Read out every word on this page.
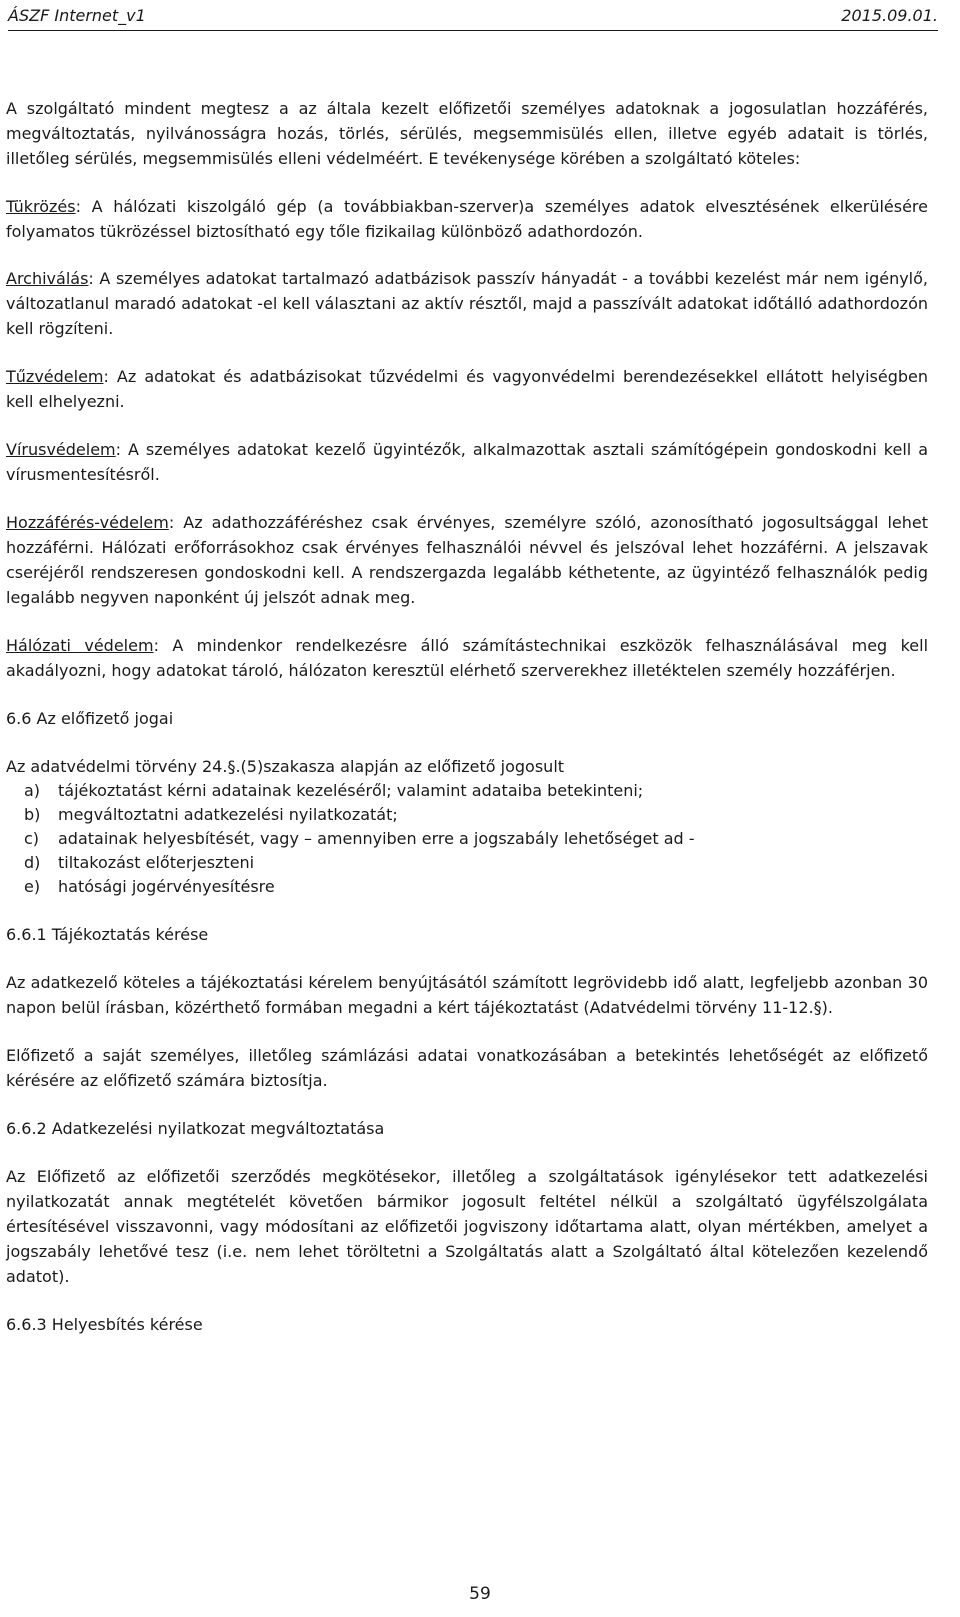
ÁSZF Internet_v1	2015.09.01.

A szolgáltató mindent megtesz a az általa kezelt előfizetői személyes adatoknak a jogosulatlan hozzáférés, megváltoztatás, nyilvánosságra hozás, törlés, sérülés, megsemmisülés ellen, illetve egyéb adatait is törlés, illetőleg sérülés, megsemmisülés elleni védelméért. E tevékenysége körében a szolgáltató köteles:

Tükrözés: A hálózati kiszolgáló gép (a továbbiakban-szerver)a személyes adatok elvesztésének elkerülésére folyamatos tükrözéssel biztosítható egy tőle fizikailag különböző adathordozón.

Archiválás: A személyes adatokat tartalmazó adatbázisok passzív hányadát - a további kezelést már nem igénylő, változatlanul maradó adatokat -el kell választani az aktív résztől, majd a passzívált adatokat időtálló adathordozón kell rögzíteni.

Tűzvédelem: Az adatokat és adatbázisokat tűzvédelmi és vagyonvédelmi berendezésekkel ellátott helyiségben kell elhelyezni.

Vírusvédelem: A személyes adatokat kezelő ügyintézők, alkalmazottak asztali számítógépein gondoskodni kell a vírusmentesítésről.

Hozzáférés-védelem: Az adathozzáféréshez csak érvényes, személyre szóló, azonosítható jogosultsággal lehet hozzáférni. Hálózati erőforrásokhoz csak érvényes felhasználói névvel és jelszóval lehet hozzáférni. A jelszavak cseréjéről rendszeresen gondoskodni kell. A rendszergazda legalább kéthetente, az ügyintéző felhasználók pedig legalább negyven naponként új jelszót adnak meg.

Hálózati védelem: A mindenkor rendelkezésre álló számítástechnikai eszközök felhasználásával meg kell akadályozni, hogy adatokat tároló, hálózaton keresztül elérhető szerverekhez illetéktelen személy hozzáférjen.

6.6 Az előfizető jogai

Az adatvédelmi törvény 24.§.(5)szakasza alapján az előfizető jogosult

a) tájékoztatást kérni adatainak kezeléséről; valamint adataiba betekinteni;
b) megváltoztatni adatkezelési nyilatkozatát;
c) adatainak helyesbítését, vagy – amennyiben erre a jogszabály lehetőséget ad -
d) tiltakozást előterjeszteni
e) hatósági jogérvényesítésre

6.6.1 Tájékoztatás kérése

Az adatkezelő köteles a tájékoztatási kérelem benyújtásától számított legrövidebb idő alatt, legfeljebb azonban 30 napon belül írásban, közérthető formában megadni a kért tájékoztatást (Adatvédelmi törvény 11-12.§).

Előfizető a saját személyes, illetőleg számlázási adatai vonatkozásában a betekintés lehetőségét az előfizető kérésére az előfizető számára biztosítja.

6.6.2 Adatkezelési nyilatkozat megváltoztatása

Az Előfizető az előfizetői szerződés megkötésekor, illetőleg a szolgáltatások igénylésekor tett adatkezelési nyilatkozatát annak megtételét követően bármikor jogosult feltétel nélkül a szolgáltató ügyfélszolgálata értesítésével visszavonni, vagy módosítani az előfizetői jogviszony időtartama alatt, olyan mértékben, amelyet a jogszabály lehetővé tesz (i.e. nem lehet töröltetni a Szolgáltatás alatt a Szolgáltató által kötelezően kezelendő adatot).

6.6.3 Helyesbítés kérése

59
